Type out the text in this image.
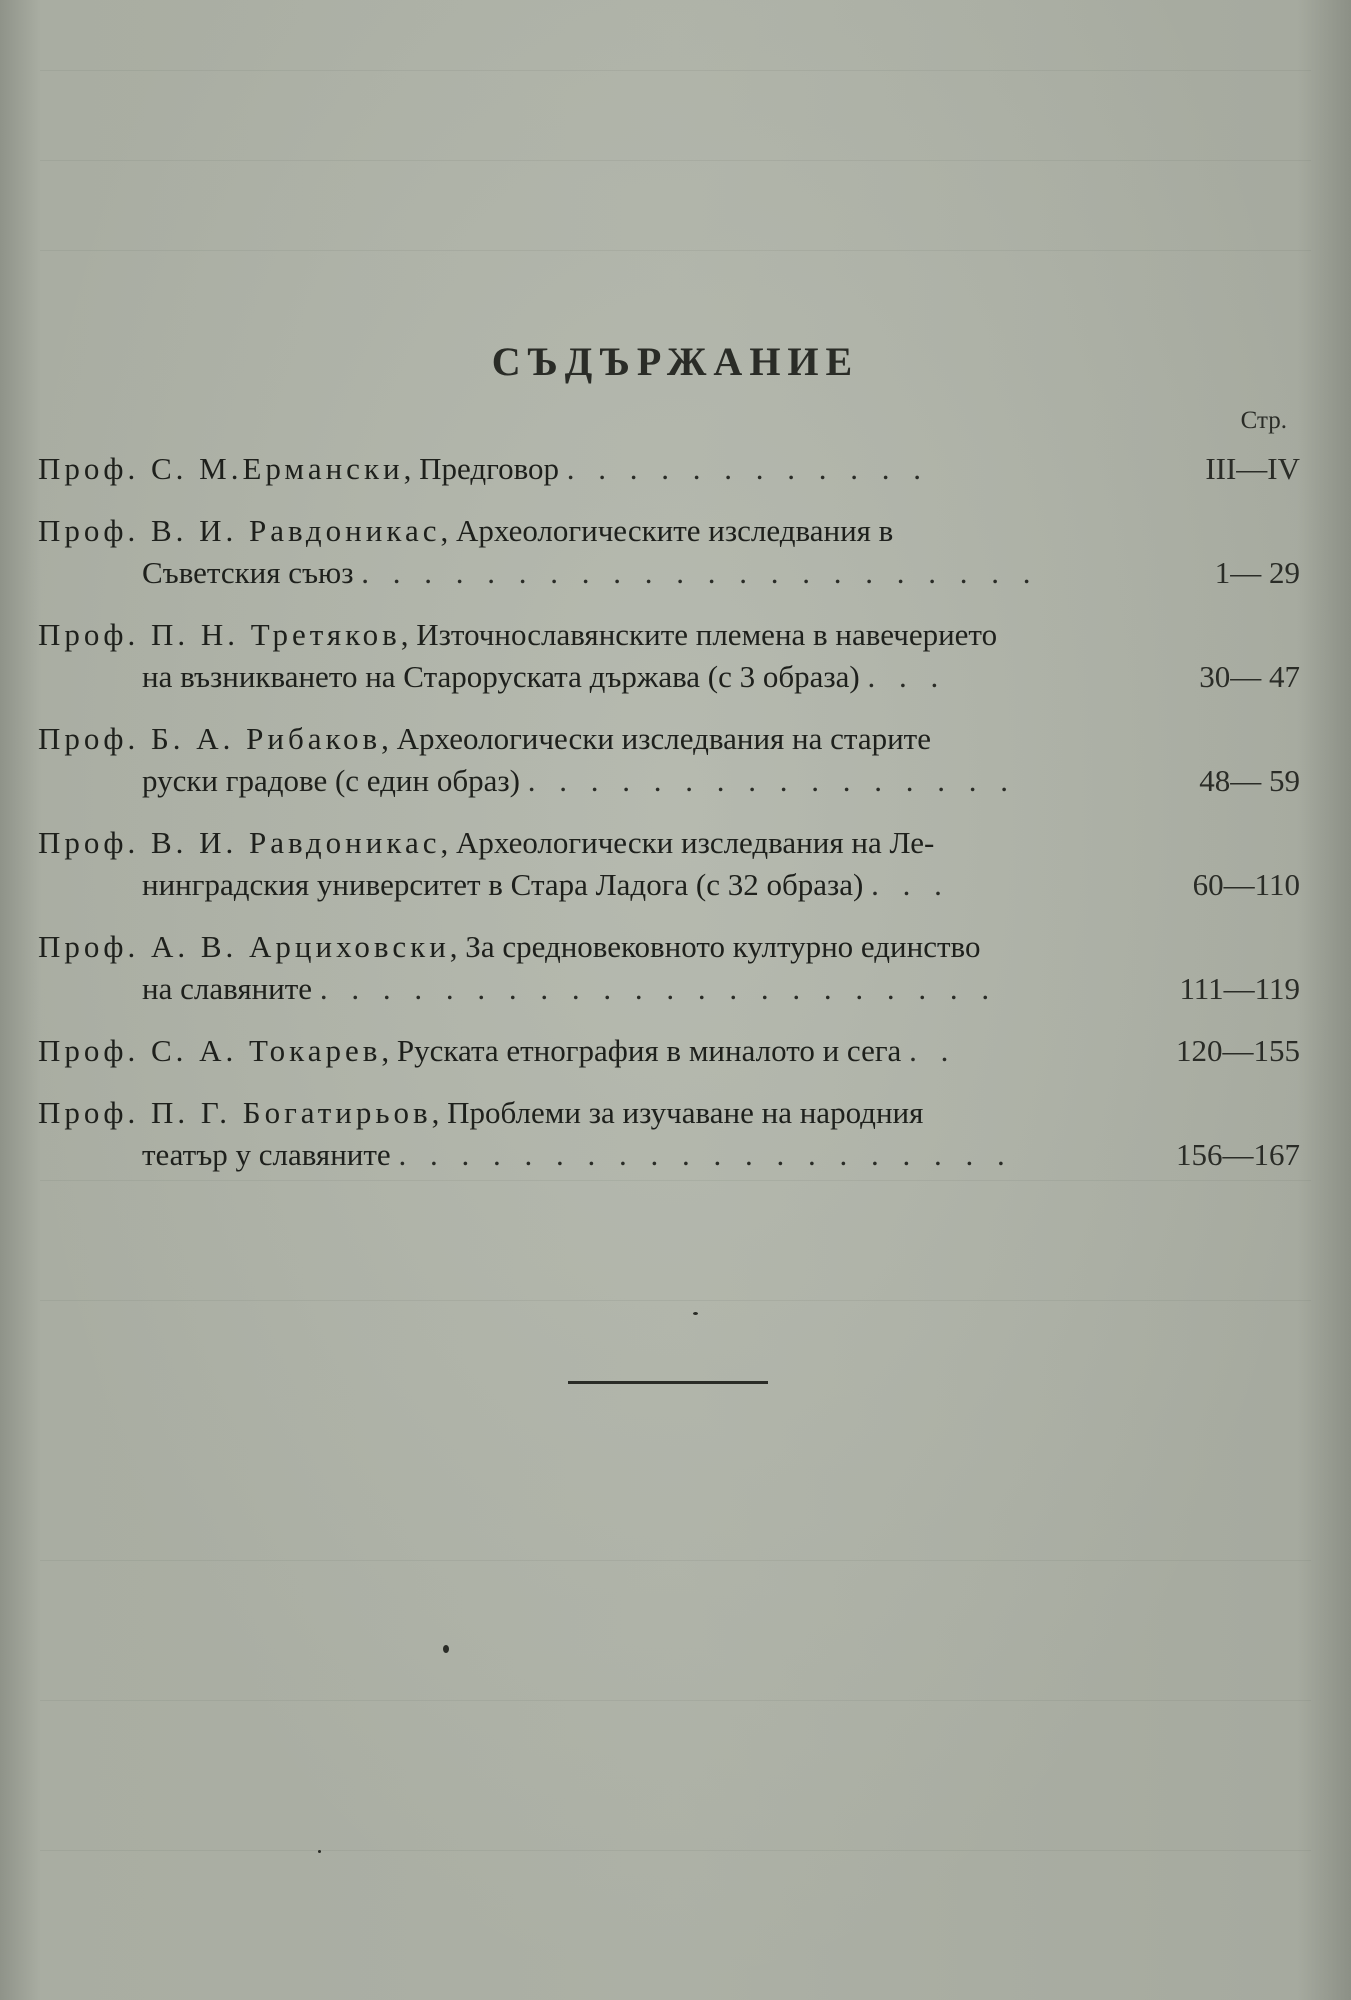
СЪДЪРЖАНИЕ
Стр.
Проф. С. М.Ермански, Предговор . . . . . . . . . . . .	III—IV
Проф. В. И. Равдоникас, Археологическите изследвания в
Съветския съюз . . . . . . . . . . . . . . . . . . . . . .	1— 29
Проф. П. Н. Третяков, Източнославянските племена в навечерието
на възникването на Староруската държава (с 3 образа) . . .	30— 47
Проф. Б. А. Рибаков, Археологически изследвания на старите
руски градове (с един образ) . . . . . . . . . . . . . . . .	48— 59
Проф. В. И. Равдоникас, Археологически изследвания на Ле-
нинградския университет в Стара Ладога (с 32 образа) . . .	60—110
Проф. А. В. Арциховски, За средновековното културно единство
на славяните . . . . . . . . . . . . . . . . . . . . . .	111—119
Проф. С. А. Токарев, Руската етнография в миналото и сега . .	120—155
Проф. П. Г. Богатирьов, Проблеми за изучаване на народния
театър у славяните . . . . . . . . . . . . . . . . . . . .	156—167
